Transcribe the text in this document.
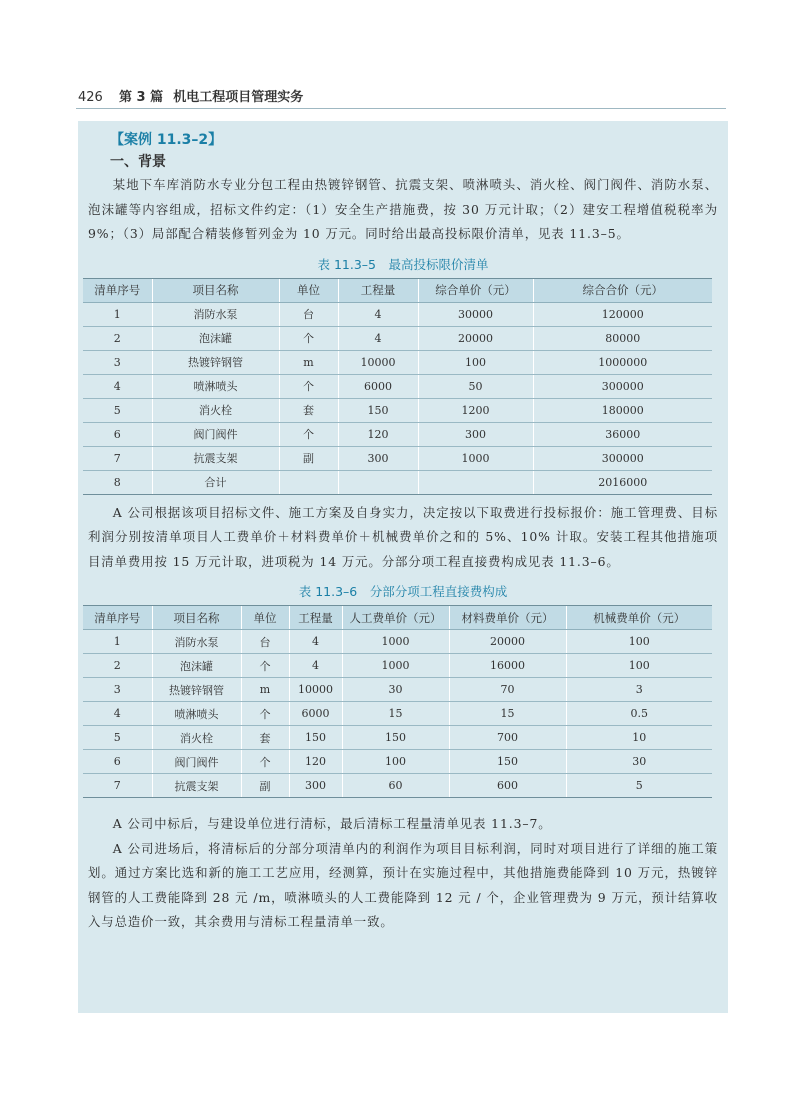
426 第 3 篇 机电工程项目管理实务
【案例 11.3–2】
一、背景

某地下车库消防水专业分包工程由热镀锌钢管、抗震支架、喷淋喷头、消火栓、阀门阀件、消防水泵、泡沫罐等内容组成，招标文件约定：（1）安全生产措施费，按 30 万元计取；（2）建安工程增值税税率为 9%；（3）局部配合精装修暂列金为 10 万元。同时给出最高投标限价清单，见表 11.3–5。

表 11.3–5　最高投标限价清单
清单序号	项目名称	单位	工程量	综合单价（元）	综合合价（元）
1	消防水泵	台	4	30000	120000
2	泡沫罐	个	4	20000	80000
3	热镀锌钢管	m	10000	100	1000000
4	喷淋喷头	个	6000	50	300000
5	消火栓	套	150	1200	180000
6	阀门阀件	个	120	300	36000
7	抗震支架	副	300	1000	300000
8	合计				2016000

A 公司根据该项目招标文件、施工方案及自身实力，决定按以下取费进行投标报价：施工管理费、目标利润分别按清单项目人工费单价＋材料费单价＋机械费单价之和的 5%、10% 计取。安装工程其他措施项目清单费用按 15 万元计取，进项税为 14 万元。分部分项工程直接费构成见表 11.3–6。

表 11.3–6　分部分项工程直接费构成
清单序号	项目名称	单位	工程量	人工费单价（元）	材料费单价（元）	机械费单价（元）
1	消防水泵	台	4	1000	20000	100
2	泡沫罐	个	4	1000	16000	100
3	热镀锌钢管	m	10000	30	70	3
4	喷淋喷头	个	6000	15	15	0.5
5	消火栓	套	150	150	700	10
6	阀门阀件	个	120	100	150	30
7	抗震支架	副	300	60	600	5

A 公司中标后，与建设单位进行清标，最后清标工程量清单见表 11.3–7。

A 公司进场后，将清标后的分部分项清单内的利润作为项目目标利润，同时对项目进行了详细的施工策划。通过方案比选和新的施工工艺应用，经测算，预计在实施过程中，其他措施费能降到 10 万元，热镀锌钢管的人工费能降到 28 元 /m，喷淋喷头的人工费能降到 12 元 / 个，企业管理费为 9 万元，预计结算收入与总造价一致，其余费用与清标工程量清单一致。
